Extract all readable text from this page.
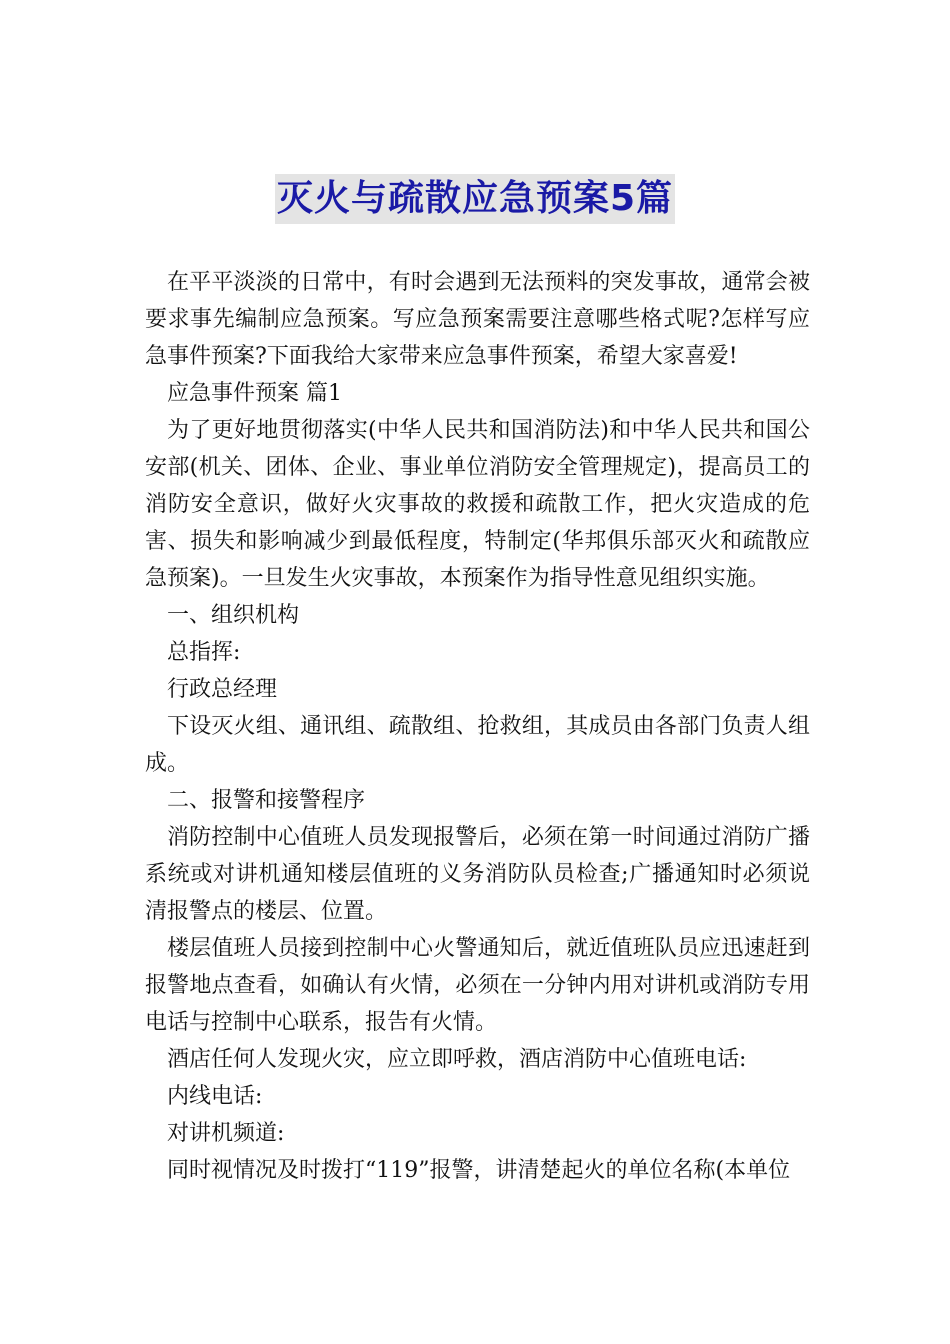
灭火与疏散应急预案5篇

在平平淡淡的日常中，有时会遇到无法预料的突发事故，通常会被要求事先编制应急预案。写应急预案需要注意哪些格式呢?怎样写应急事件预案?下面我给大家带来应急事件预案，希望大家喜爱!

应急事件预案 篇1

为了更好地贯彻落实(中华人民共和国消防法)和中华人民共和国公安部(机关、团体、企业、事业单位消防安全管理规定)，提高员工的消防安全意识，做好火灾事故的救援和疏散工作，把火灾造成的危害、损失和影响减少到最低程度，特制定(华邦俱乐部灭火和疏散应急预案)。一旦发生火灾事故，本预案作为指导性意见组织实施。

一、组织机构

总指挥:

行政总经理

下设灭火组、通讯组、疏散组、抢救组，其成员由各部门负责人组成。

二、报警和接警程序

消防控制中心值班人员发现报警后，必须在第一时间通过消防广播系统或对讲机通知楼层值班的义务消防队员检查;广播通知时必须说清报警点的楼层、位置。

楼层值班人员接到控制中心火警通知后，就近值班队员应迅速赶到报警地点查看，如确认有火情，必须在一分钟内用对讲机或消防专用电话与控制中心联系，报告有火情。

酒店任何人发现火灾，应立即呼救，酒店消防中心值班电话:

内线电话:

对讲机频道:

同时视情况及时拨打“119”报警，讲清楚起火的单位名称(本单位
